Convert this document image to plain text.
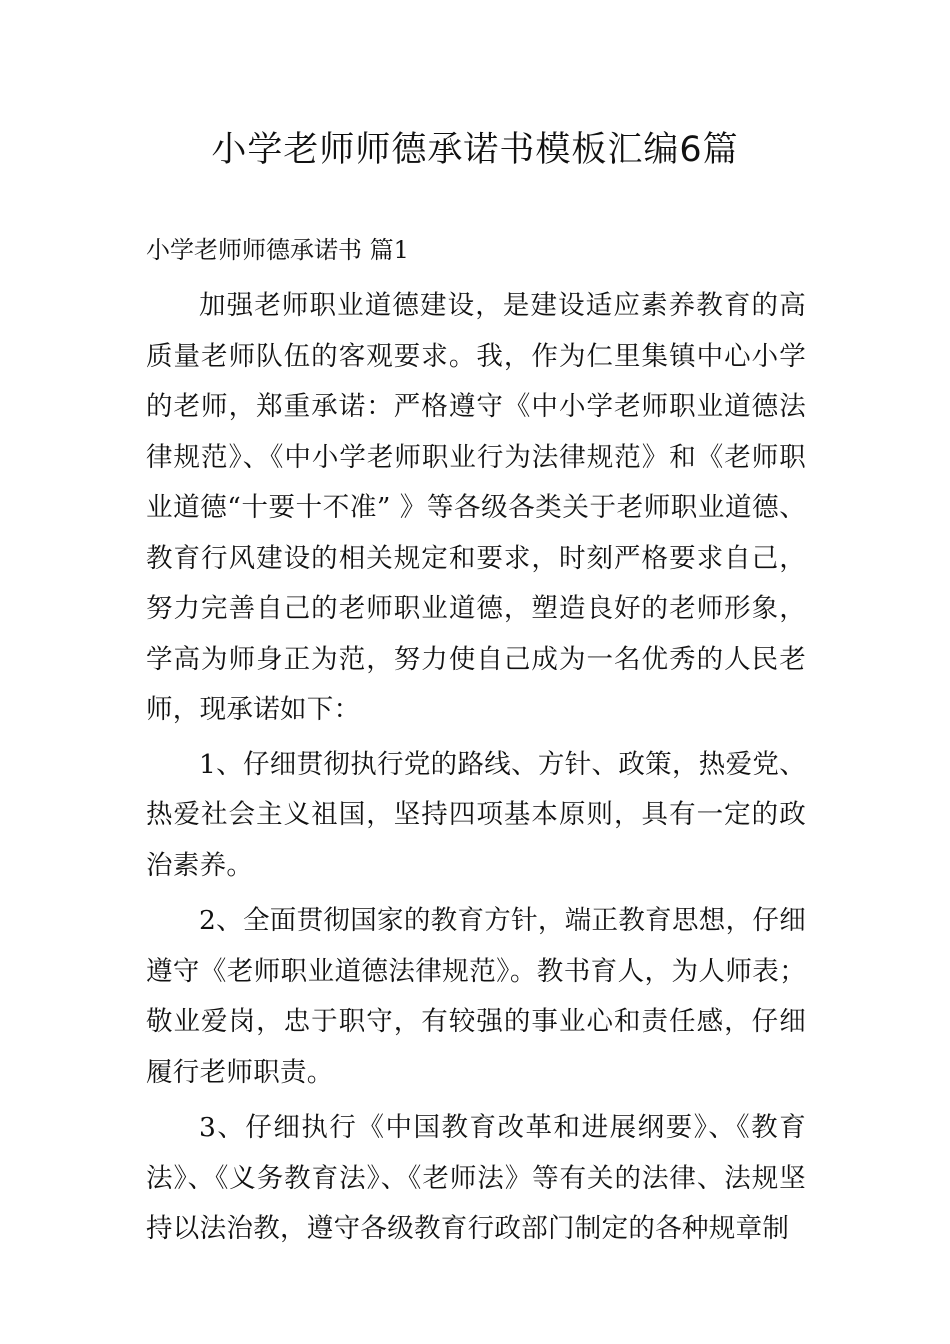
小学老师师德承诺书模板汇编6篇

小学老师师德承诺书 篇1

加强老师职业道德建设，是建设适应素养教育的高质量老师队伍的客观要求。我，作为仁里集镇中心小学的老师，郑重承诺：严格遵守《中小学老师职业道德法律规范》、《中小学老师职业行为法律规范》和《老师职业道德“十要十不准” 》等各级各类关于老师职业道德、教育行风建设的相关规定和要求，时刻严格要求自己，努力完善自己的老师职业道德，塑造良好的老师形象，学高为师身正为范，努力使自己成为一名优秀的人民老师，现承诺如下：

1、仔细贯彻执行党的路线、方针、政策，热爱党、热爱社会主义祖国，坚持四项基本原则，具有一定的政治素养。

2、全面贯彻国家的教育方针，端正教育思想，仔细遵守《老师职业道德法律规范》。教书育人，为人师表；敬业爱岗，忠于职守，有较强的事业心和责任感，仔细履行老师职责。

3、仔细执行《中国教育改革和进展纲要》、《教育法》、《义务教育法》、《老师法》等有关的法律、法规坚持以法治教，遵守各级教育行政部门制定的各种规章制
